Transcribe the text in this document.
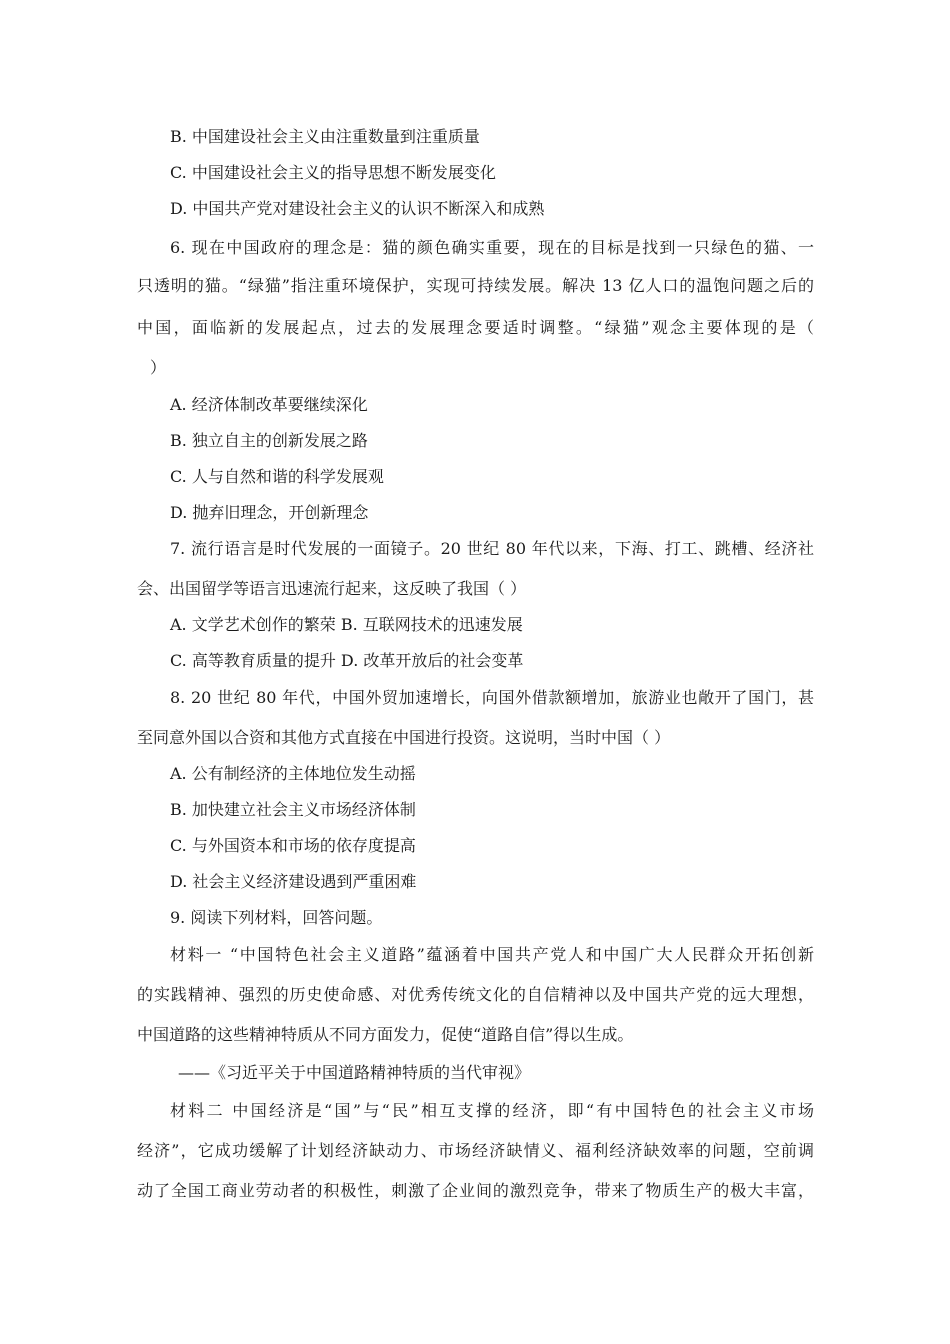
B. 中国建设社会主义由注重数量到注重质量
C. 中国建设社会主义的指导思想不断发展变化
D. 中国共产党对建设社会主义的认识不断深入和成熟
6. 现在中国政府的理念是：猫的颜色确实重要，现在的目标是找到一只绿色的猫、一
只透明的猫。“绿猫”指注重环境保护，实现可持续发展。解决 13 亿人口的温饱问题之后的
中国，面临新的发展起点，过去的发展理念要适时调整。“绿猫”观念主要体现的是（
）
A. 经济体制改革要继续深化
B. 独立自主的创新发展之路
C. 人与自然和谐的科学发展观
D. 抛弃旧理念，开创新理念
7. 流行语言是时代发展的一面镜子。20 世纪 80 年代以来，下海、打工、跳槽、经济社
会、出国留学等语言迅速流行起来，这反映了我国（ ）
A. 文学艺术创作的繁荣 B. 互联网技术的迅速发展
C. 高等教育质量的提升 D. 改革开放后的社会变革
8. 20 世纪 80 年代，中国外贸加速增长，向国外借款额增加，旅游业也敞开了国门，甚
至同意外国以合资和其他方式直接在中国进行投资。这说明，当时中国（ ）
A. 公有制经济的主体地位发生动摇
B. 加快建立社会主义市场经济体制
C. 与外国资本和市场的依存度提高
D. 社会主义经济建设遇到严重困难
9. 阅读下列材料，回答问题。
材料一 “中国特色社会主义道路”蕴涵着中国共产党人和中国广大人民群众开拓创新
的实践精神、强烈的历史使命感、对优秀传统文化的自信精神以及中国共产党的远大理想，
中国道路的这些精神特质从不同方面发力，促使“道路自信”得以生成。
——《习近平关于中国道路精神特质的当代审视》
材料二 中国经济是“国”与“民”相互支撑的经济，即“有中国特色的社会主义市场
经济”，它成功缓解了计划经济缺动力、市场经济缺情义、福利经济缺效率的问题，空前调
动了全国工商业劳动者的积极性，刺激了企业间的激烈竞争，带来了物质生产的极大丰富，
